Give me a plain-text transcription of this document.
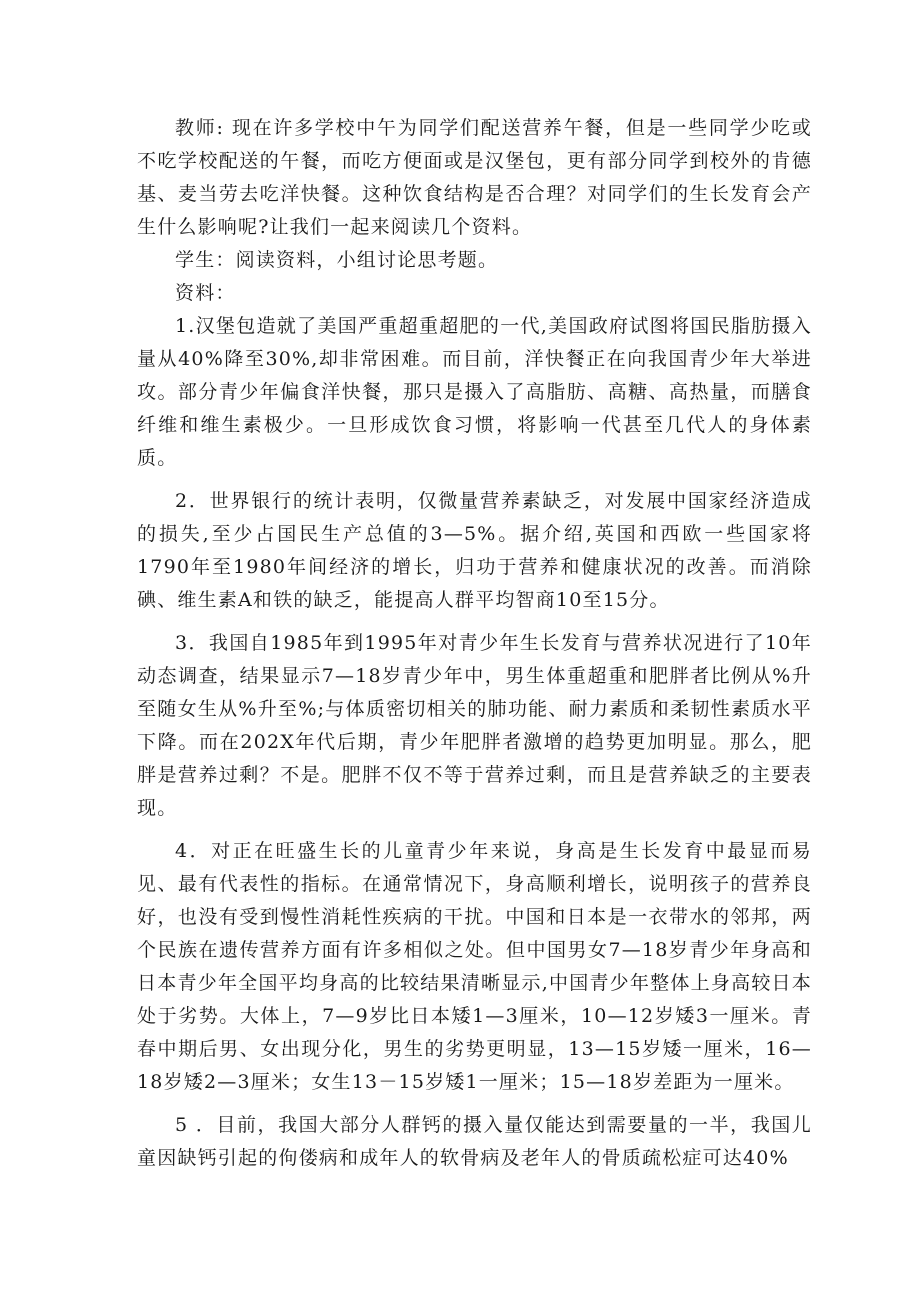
教师: 现在许多学校中午为同学们配送营养午餐，但是一些同学少吃或不吃学校配送的午餐，而吃方便面或是汉堡包，更有部分同学到校外的肯德基、麦当劳去吃洋快餐。这种饮食结构是否合理？对同学们的生长发育会产生什么影响呢?让我们一起来阅读几个资料。

学生：阅读资料，小组讨论思考题。

资料：

1.汉堡包造就了美国严重超重超肥的一代,美国政府试图将国民脂肪摄入量从40%降至30%,却非常困难。而目前，洋快餐正在向我国青少年大举进攻。部分青少年偏食洋快餐，那只是摄入了高脂肪、高糖、高热量，而膳食纤维和维生素极少。一旦形成饮食习惯，将影响一代甚至几代人的身体素质。

2．世界银行的统计表明，仅微量营养素缺乏，对发展中国家经济造成的损失,至少占国民生产总值的3—5%。据介绍,英国和西欧一些国家将1790年至1980年间经济的增长，归功于营养和健康状况的改善。而消除碘、维生素A和铁的缺乏，能提高人群平均智商10至15分。

3．我国自1985年到1995年对青少年生长发育与营养状况进行了10年动态调查，结果显示7—18岁青少年中，男生体重超重和肥胖者比例从%升至随女生从%升至%;与体质密切相关的肺功能、耐力素质和柔韧性素质水平下降。而在202X年代后期，青少年肥胖者激增的趋势更加明显。那么，肥胖是营养过剩？不是。肥胖不仅不等于营养过剩，而且是营养缺乏的主要表现。

4．对正在旺盛生长的儿童青少年来说，身高是生长发育中最显而易见、最有代表性的指标。在通常情况下，身高顺利增长，说明孩子的营养良好，也没有受到慢性消耗性疾病的干扰。中国和日本是一衣带水的邻邦，两个民族在遗传营养方面有许多相似之处。但中国男女7—18岁青少年身高和日本青少年全国平均身高的比较结果清晰显示,中国青少年整体上身高较日本处于劣势。大体上，7—9岁比日本矮1—3厘米，10—12岁矮3一厘米。青春中期后男、女出现分化，男生的劣势更明显，13—15岁矮一厘米，16—18岁矮2—3厘米；女生13－15岁矮1一厘米；15—18岁差距为一厘米。

5 ．目前，我国大部分人群钙的摄入量仅能达到需要量的一半，我国儿童因缺钙引起的佝偻病和成年人的软骨病及老年人的骨质疏松症可达40%
